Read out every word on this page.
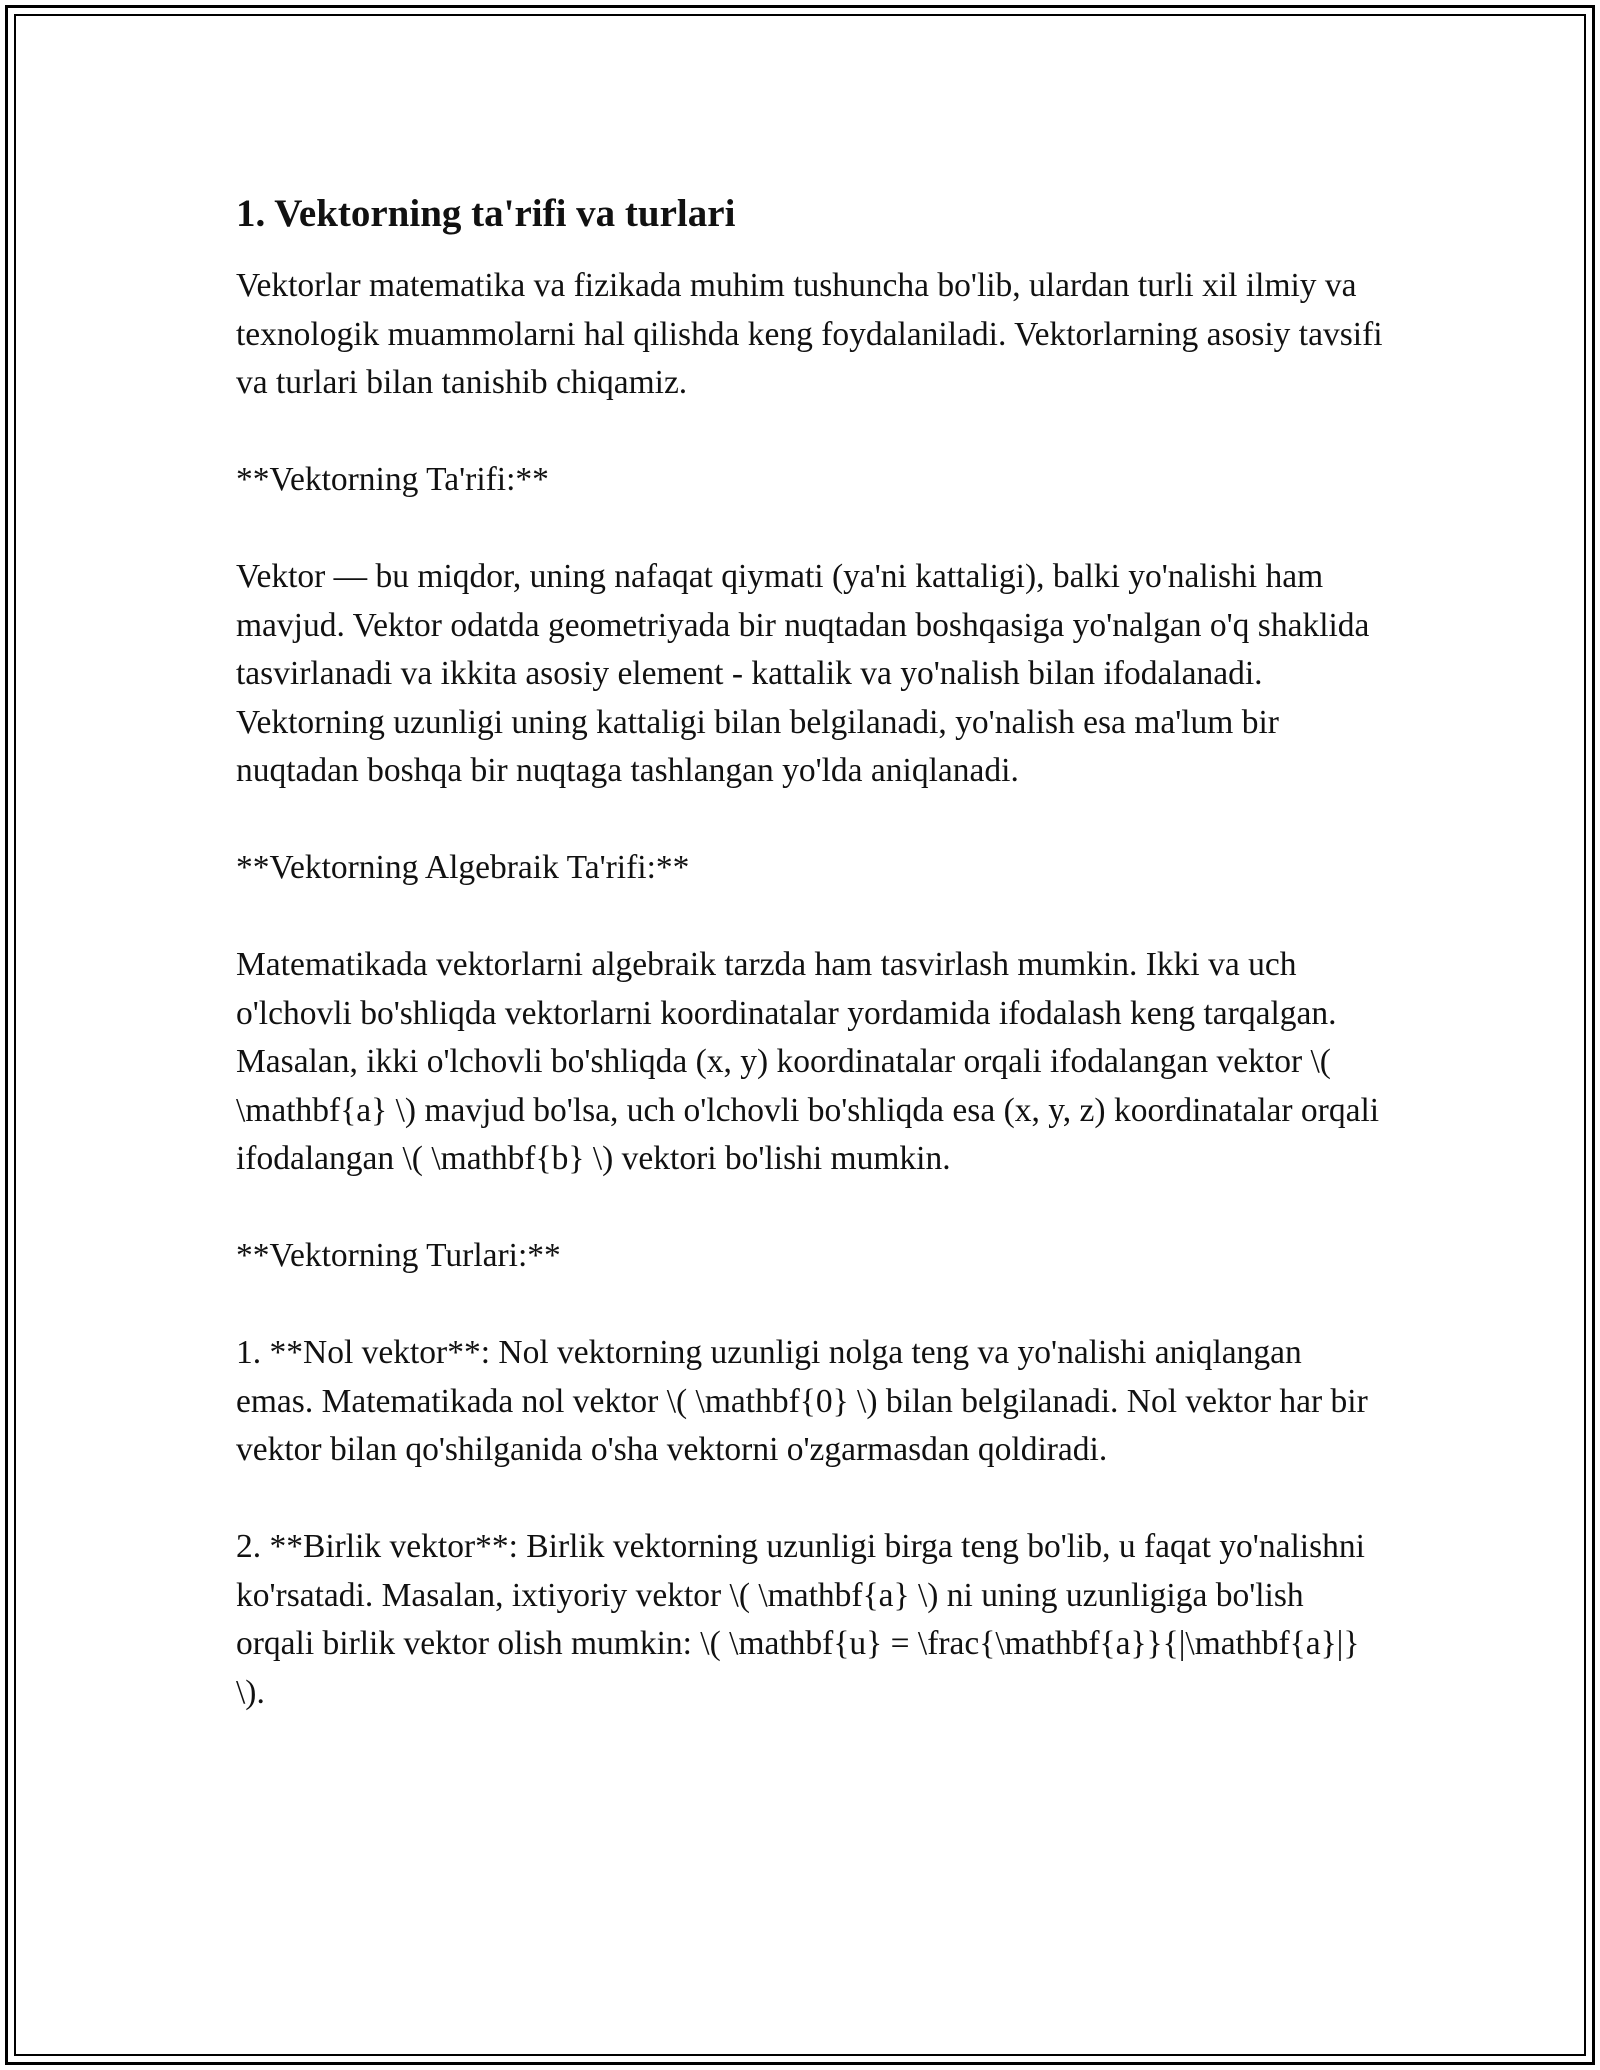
1. Vektorning ta'rifi va turlari

Vektorlar matematika va fizikada muhim tushuncha bo'lib, ulardan turli xil ilmiy va texnologik muammolarni hal qilishda keng foydalaniladi. Vektorlarning asosiy tavsifi va turlari bilan tanishib chiqamiz.

**Vektorning Ta'rifi:**

Vektor — bu miqdor, uning nafaqat qiymati (ya'ni kattaligi), balki yo'nalishi ham mavjud. Vektor odatda geometriyada bir nuqtadan boshqasiga yo'nalgan o'q shaklida tasvirlanadi va ikkita asosiy element - kattalik va yo'nalish bilan ifodalanadi. Vektorning uzunligi uning kattaligi bilan belgilanadi, yo'nalish esa ma'lum bir nuqtadan boshqa bir nuqtaga tashlangan yo'lda aniqlanadi.

**Vektorning Algebraik Ta'rifi:**

Matematikada vektorlarni algebraik tarzda ham tasvirlash mumkin. Ikki va uch o'lchovli bo'shliqda vektorlarni koordinatalar yordamida ifodalash keng tarqalgan. Masalan, ikki o'lchovli bo'shliqda (x, y) koordinatalar orqali ifodalangan vektor \( \mathbf{a} \) mavjud bo'lsa, uch o'lchovli bo'shliqda esa (x, y, z) koordinatalar orqali ifodalangan \( \mathbf{b} \) vektori bo'lishi mumkin.

**Vektorning Turlari:**

1. **Nol vektor**: Nol vektorning uzunligi nolga teng va yo'nalishi aniqlangan emas. Matematikada nol vektor \( \mathbf{0} \) bilan belgilanadi. Nol vektor har bir vektor bilan qo'shilganida o'sha vektorni o'zgarmasdan qoldiradi.

2. **Birlik vektor**: Birlik vektorning uzunligi birga teng bo'lib, u faqat yo'nalishni ko'rsatadi. Masalan, ixtiyoriy vektor \( \mathbf{a} \) ni uning uzunligiga bo'lish orqali birlik vektor olish mumkin: \( \mathbf{u} = \frac{\mathbf{a}}{|\mathbf{a}|} \).
